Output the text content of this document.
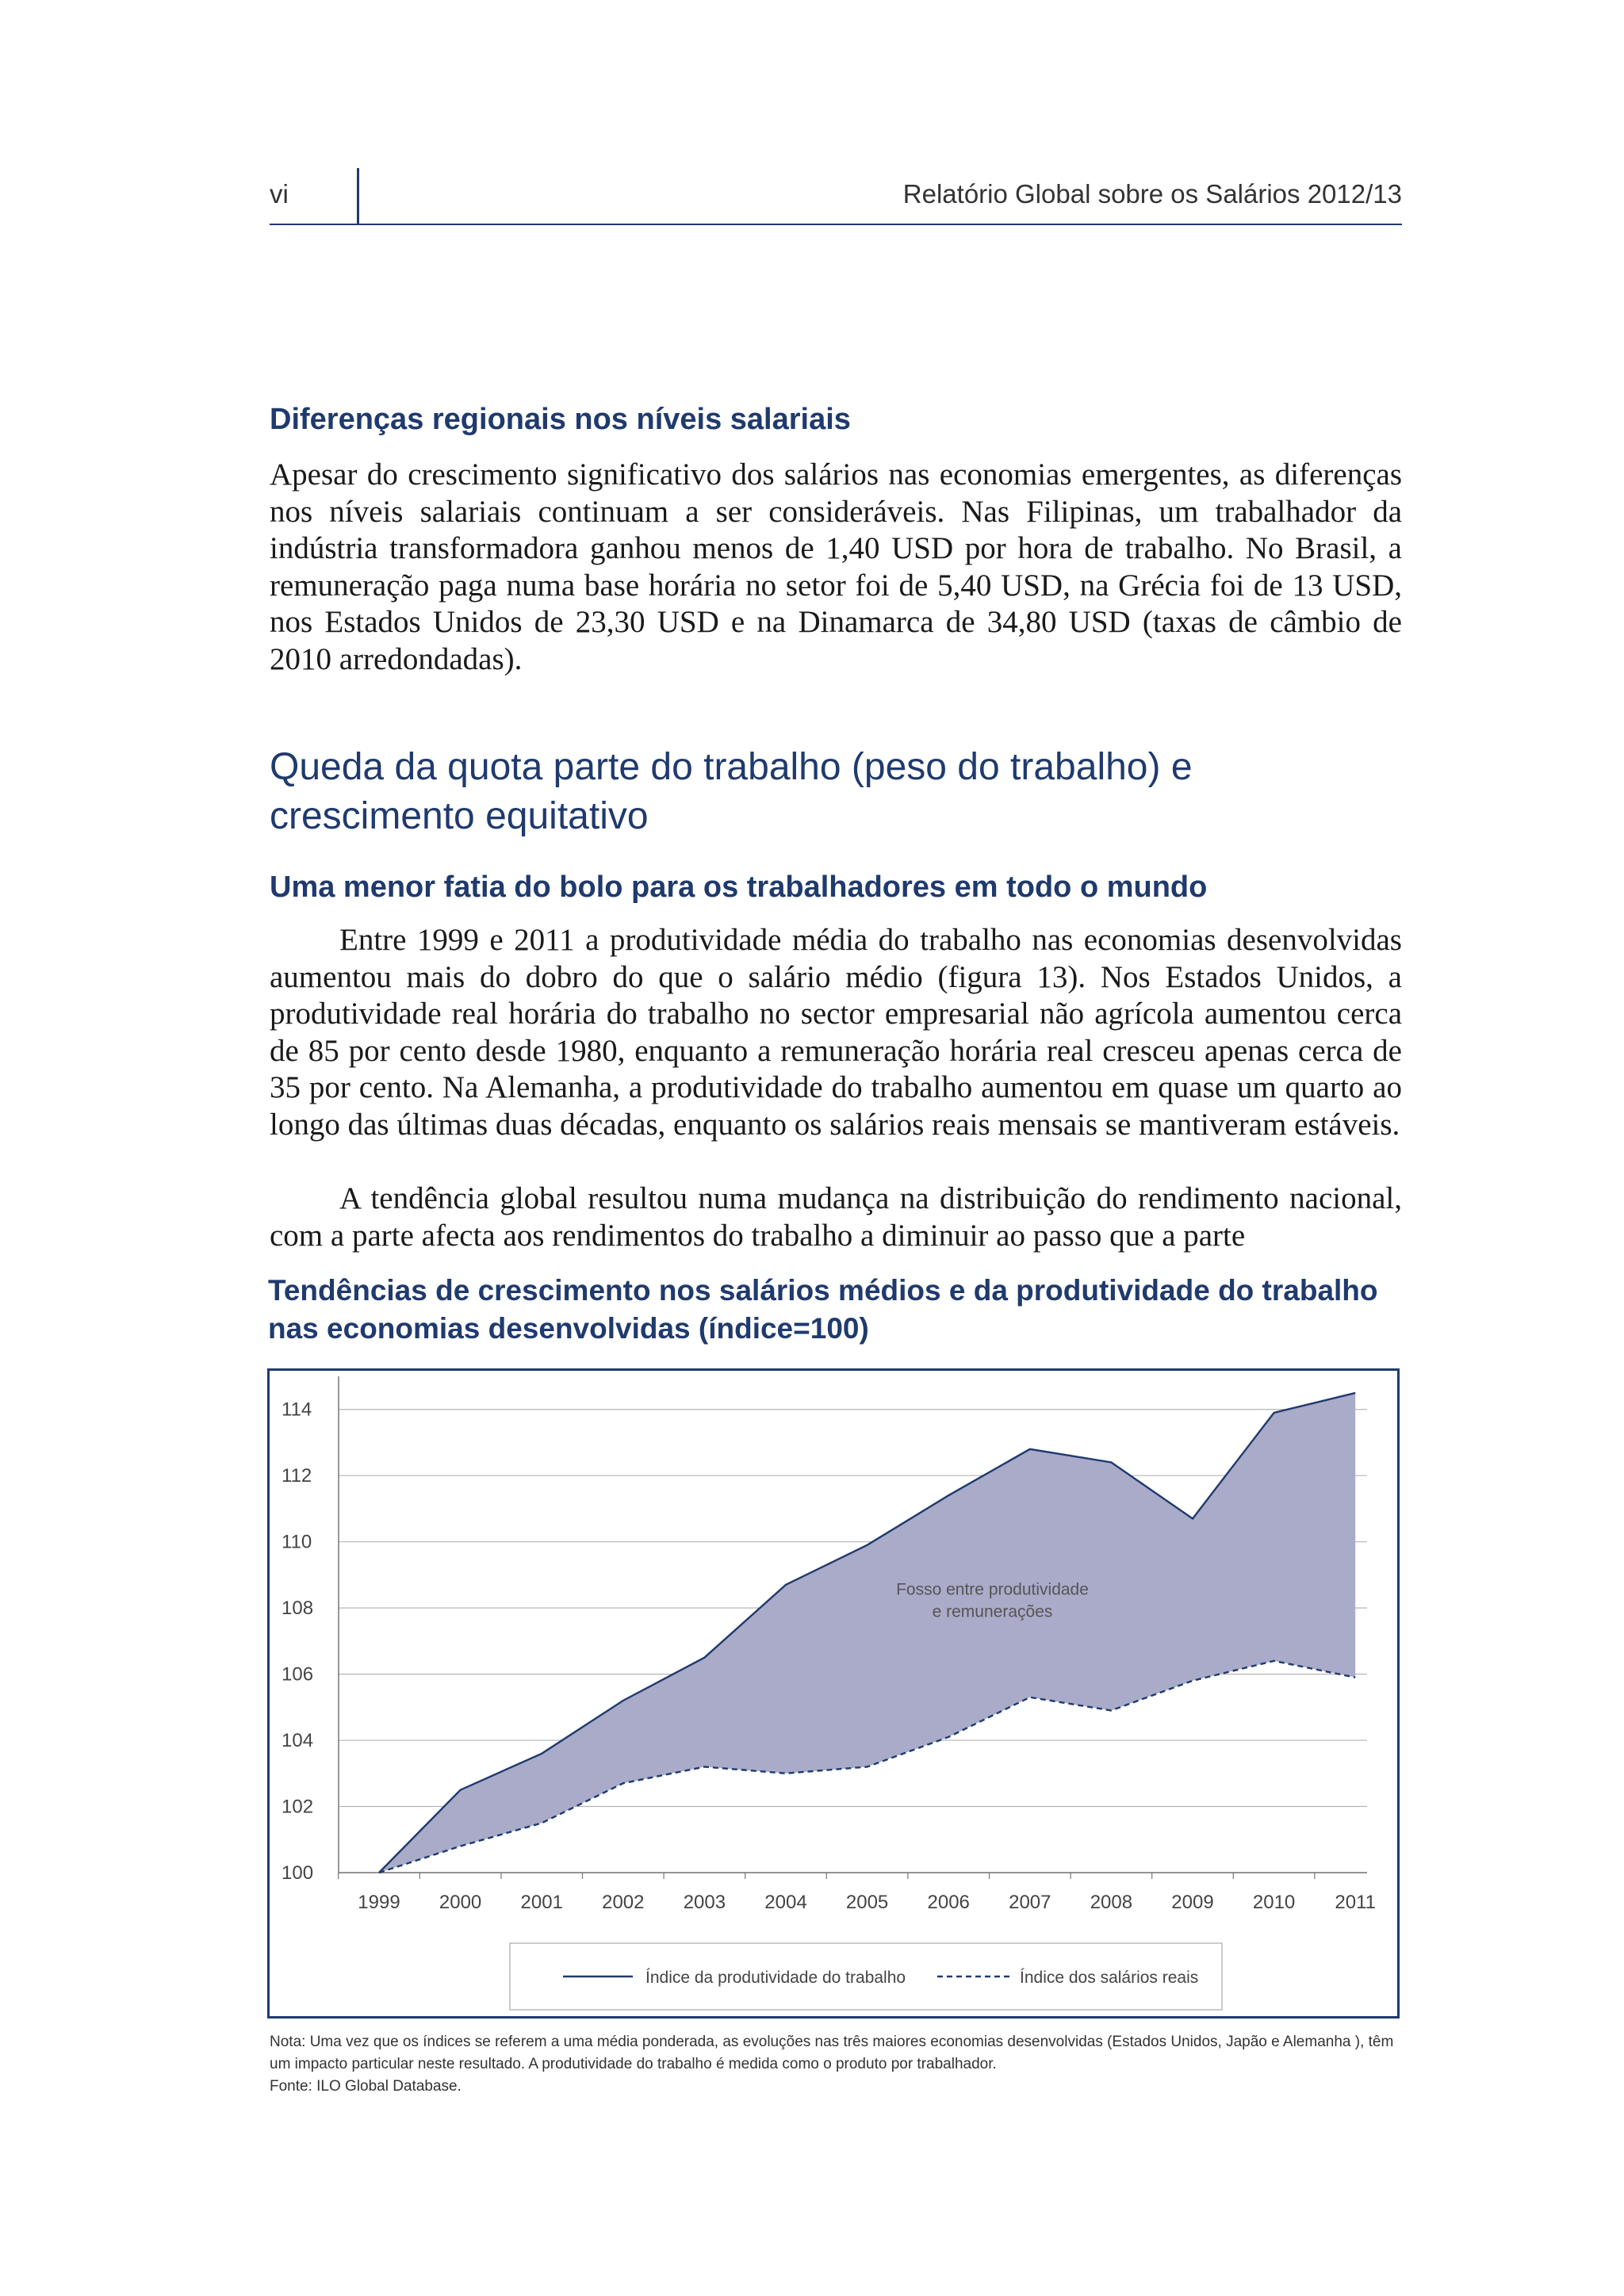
vi	Relatório Global sobre os Salários 2012/13
Diferenças regionais nos níveis salariais
Apesar do crescimento significativo dos salários nas economias emergentes, as diferenças nos níveis salariais continuam a ser consideráveis. Nas Filipinas, um trabalhador da indústria transformadora ganhou menos de 1,40 USD por hora de trabalho. No Brasil, a remuneração paga numa base horária no setor foi de 5,40 USD, na Grécia foi de 13 USD, nos Estados Unidos de 23,30 USD e na Dinamarca de 34,80 USD (taxas de câmbio de 2010 arredondadas).
Queda da quota parte do trabalho (peso do trabalho) e crescimento equitativo
Uma menor fatia do bolo para os trabalhadores em todo o mundo
Entre 1999 e 2011 a produtividade média do trabalho nas economias desenvolvidas aumentou mais do dobro do que o salário médio (figura 13). Nos Estados Unidos, a produtividade real horária do trabalho no sector empresarial não agrícola aumentou cerca de 85 por cento desde 1980, enquanto a remuneração horária real cresceu apenas cerca de 35 por cento. Na Alemanha, a produtividade do trabalho aumentou em quase um quarto ao longo das últimas duas décadas, enquanto os salários reais mensais se mantiveram estáveis.
A tendência global resultou numa mudança na distribuição do rendimento nacional, com a parte afecta aos rendimentos do trabalho a diminuir ao passo que a parte
Tendências de crescimento nos salários médios e da produtividade do trabalho nas economias desenvolvidas (índice=100)
100
102
104
106
108
110
112
114
1999 2000 2001 2002 2003 2004 2005 2006 2007 2008 2009 2010 2011
Fosso entre produtividade e remunerações
Índice da produtividade do trabalho	Índice dos salários reais

Nota: Uma vez que os índices se referem a uma média ponderada, as evoluções nas três maiores economias desenvolvidas (Estados Unidos, Japão e Alemanha ), têm um impacto particular neste resultado. A produtividade do trabalho é medida como o produto por trabalhador.

Fonte: ILO Global Database.
